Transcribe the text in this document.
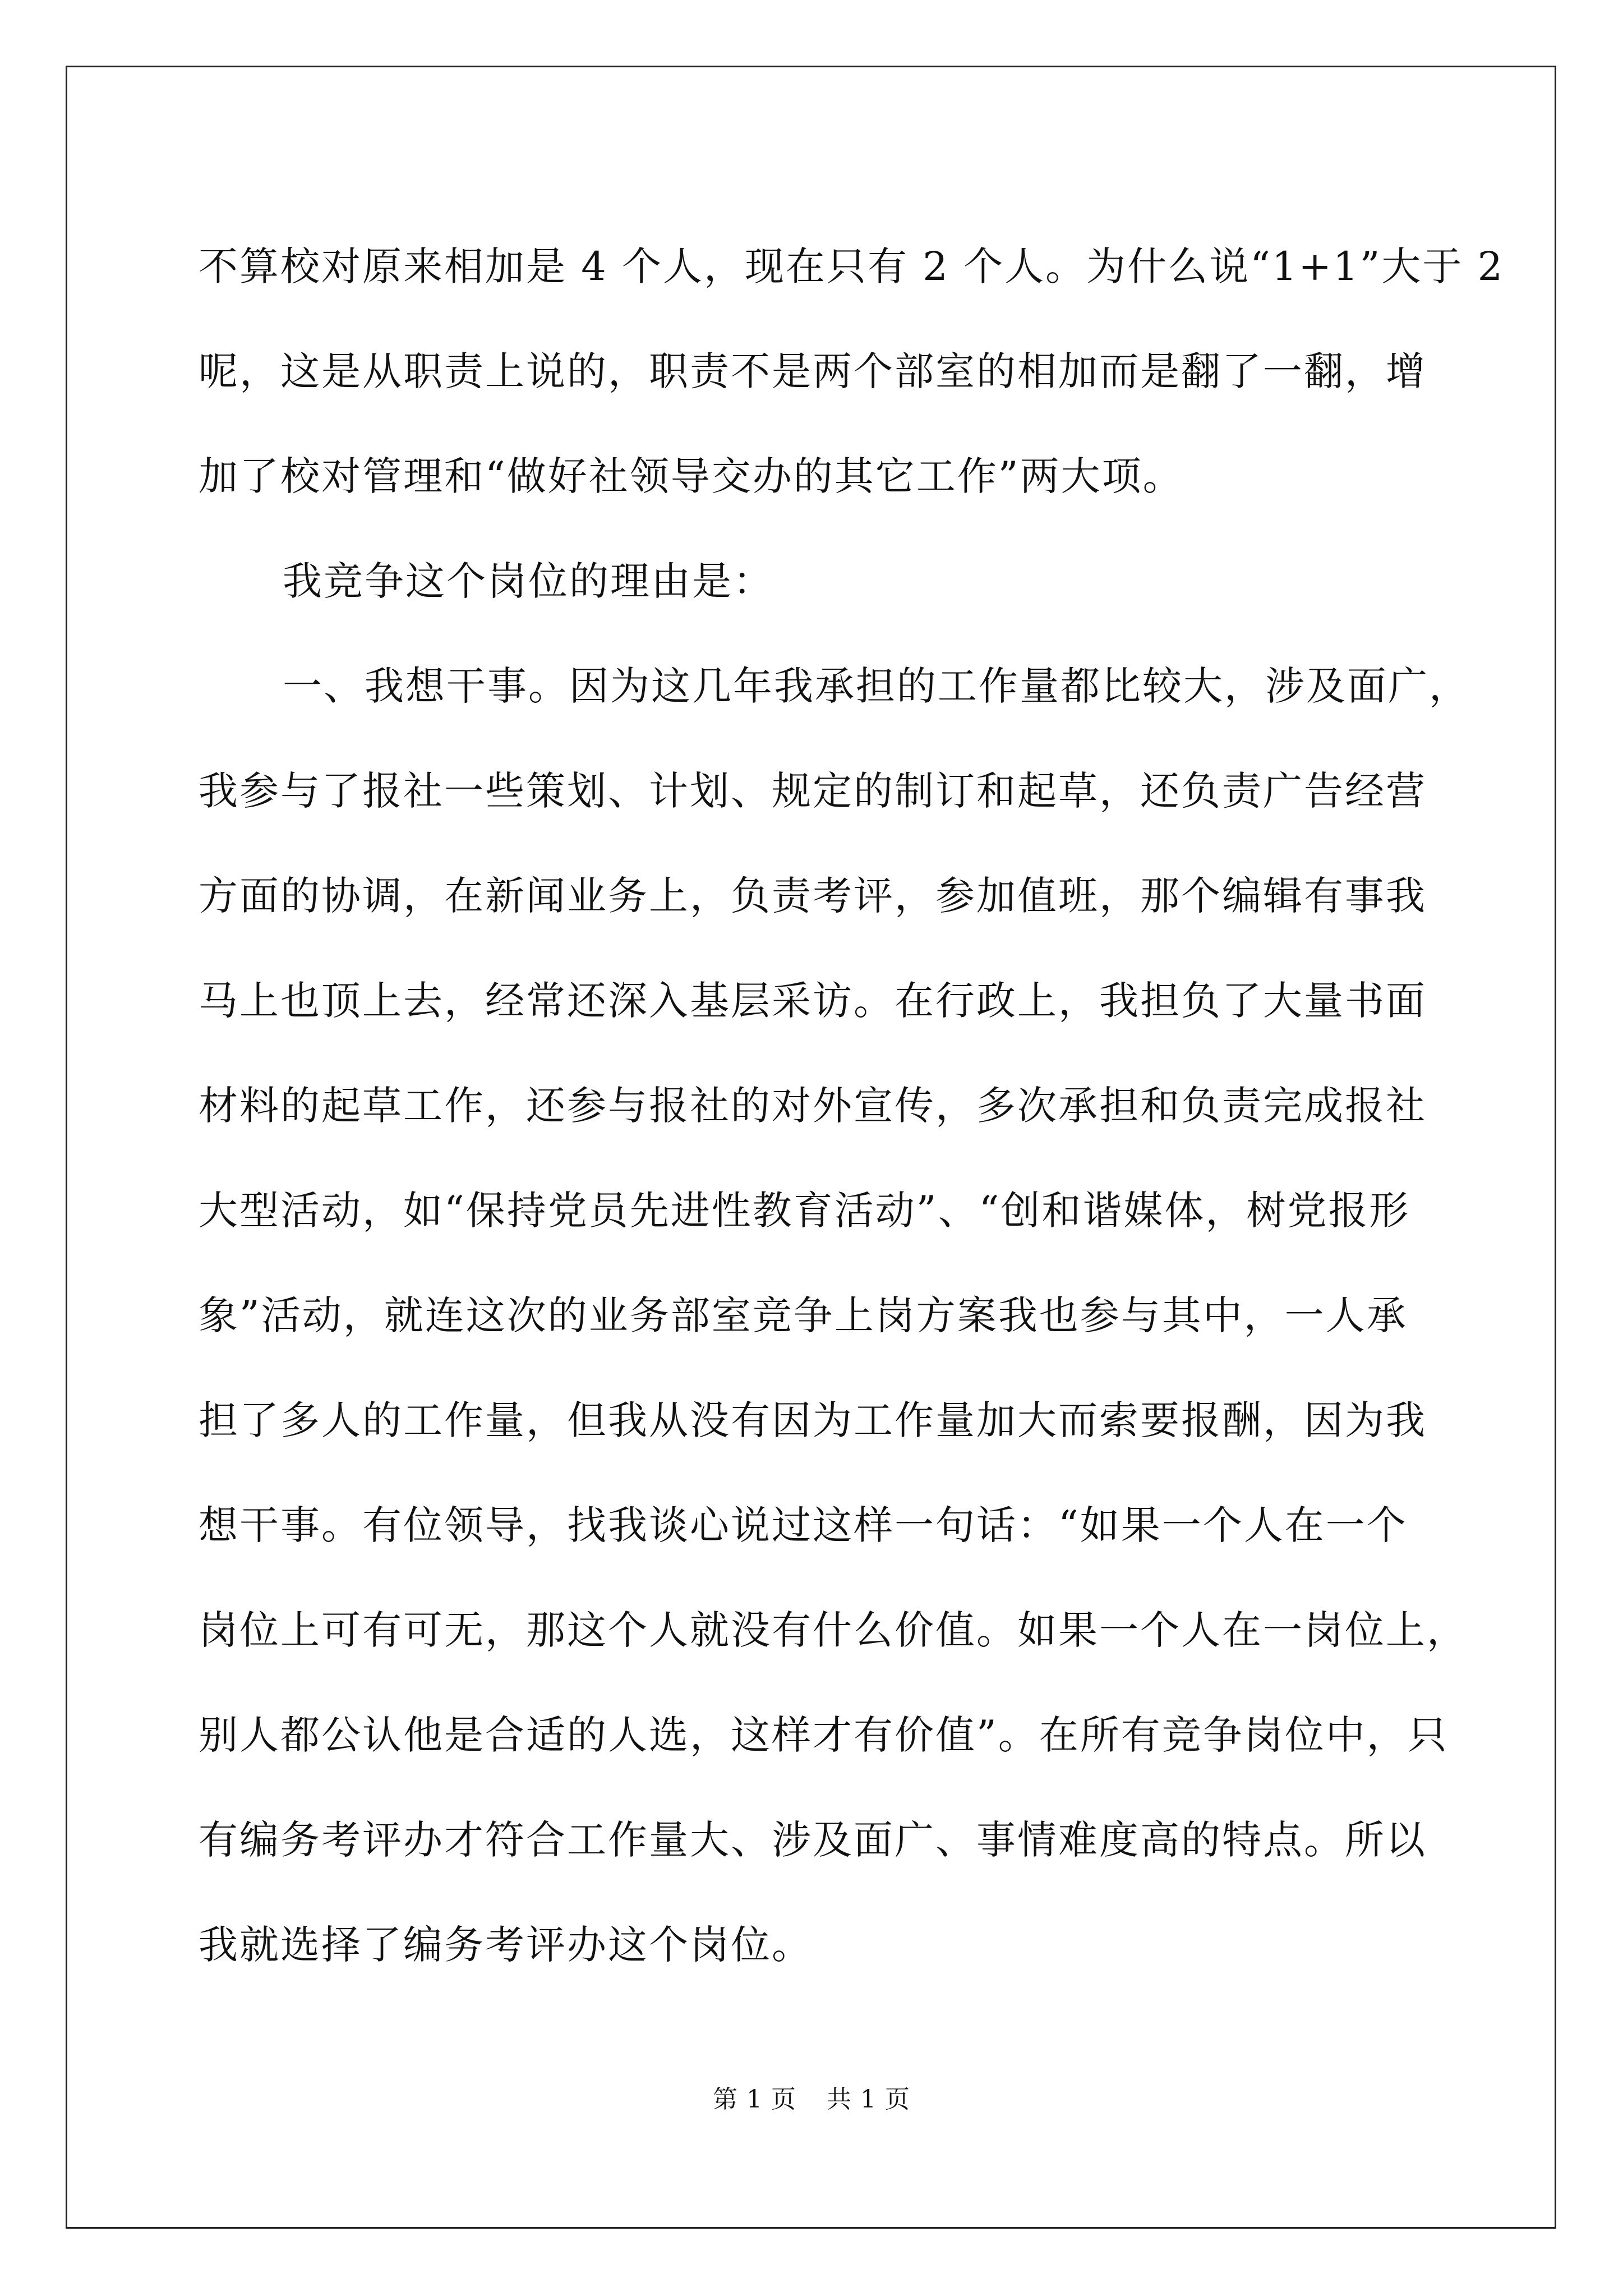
不算校对原来相加是 4 个人，现在只有 2 个人。为什么说“1+1”大于 2
呢，这是从职责上说的，职责不是两个部室的相加而是翻了一翻，增
加了校对管理和“做好社领导交办的其它工作”两大项。
我竞争这个岗位的理由是：
一、我想干事。因为这几年我承担的工作量都比较大，涉及面广，
我参与了报社一些策划、计划、规定的制订和起草，还负责广告经营
方面的协调，在新闻业务上，负责考评，参加值班，那个编辑有事我
马上也顶上去，经常还深入基层采访。在行政上，我担负了大量书面
材料的起草工作，还参与报社的对外宣传，多次承担和负责完成报社
大型活动，如“保持党员先进性教育活动”、“创和谐媒体，树党报形
象”活动，就连这次的业务部室竞争上岗方案我也参与其中，一人承
担了多人的工作量，但我从没有因为工作量加大而索要报酬，因为我
想干事。有位领导，找我谈心说过这样一句话：“如果一个人在一个
岗位上可有可无，那这个人就没有什么价值。如果一个人在一岗位上，
别人都公认他是合适的人选，这样才有价值”。在所有竞争岗位中，只
有编务考评办才符合工作量大、涉及面广、事情难度高的特点。所以
我就选择了编务考评办这个岗位。
第 1 页 共 1 页
